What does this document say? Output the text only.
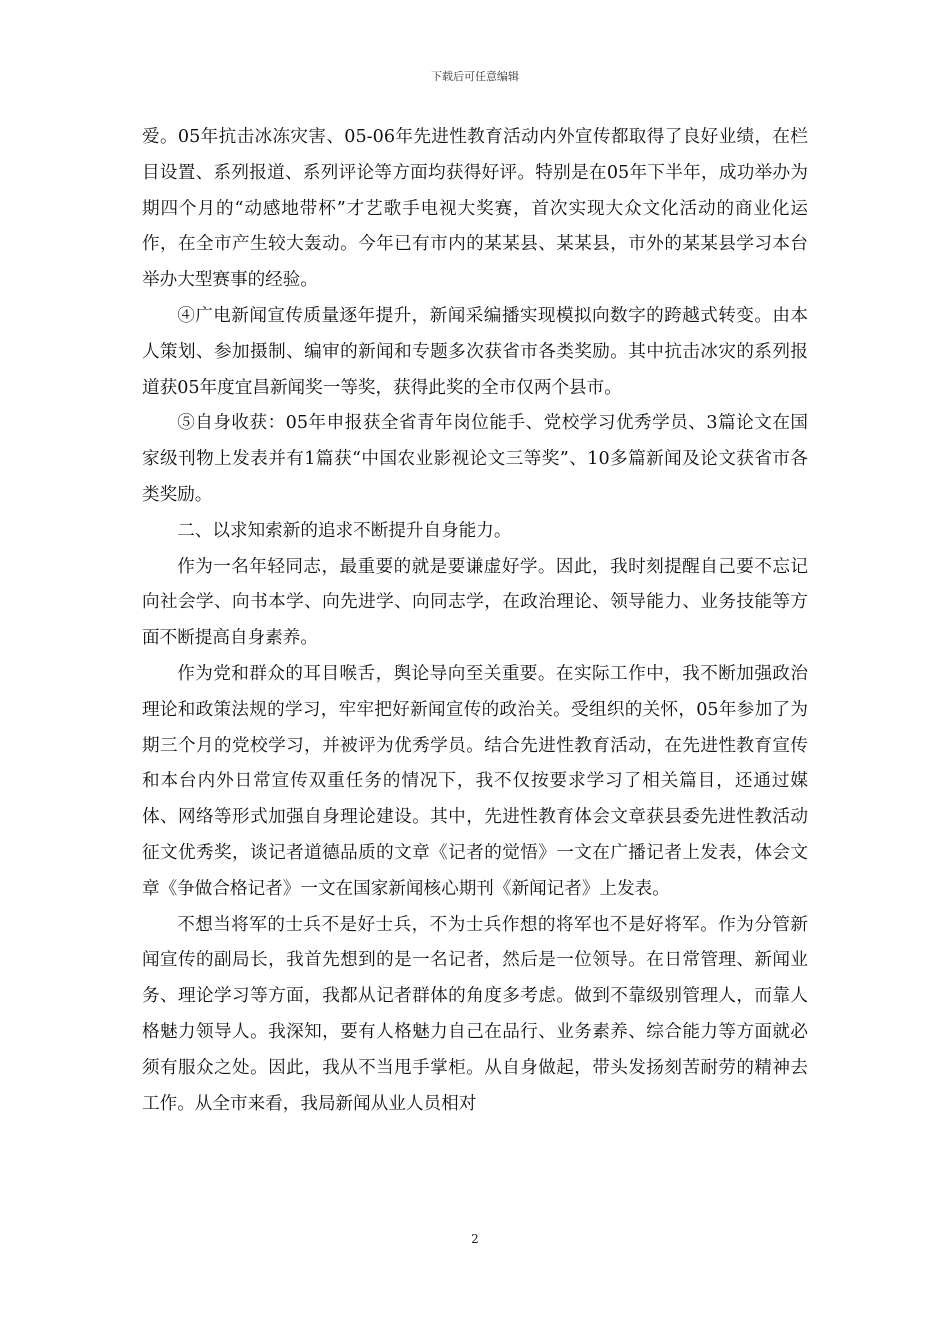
下载后可任意编辑

爱。05年抗击冰冻灾害、05-06年先进性教育活动内外宣传都取得了良好业绩，在栏目设置、系列报道、系列评论等方面均获得好评。特别是在05年下半年，成功举办为期四个月的“动感地带杯”才艺歌手电视大奖赛，首次实现大众文化活动的商业化运作，在全市产生较大轰动。今年已有市内的某某县、某某县，市外的某某县学习本台举办大型赛事的经验。

④广电新闻宣传质量逐年提升，新闻采编播实现模拟向数字的跨越式转变。由本人策划、参加摄制、编审的新闻和专题多次获省市各类奖励。其中抗击冰灾的系列报道获05年度宜昌新闻奖一等奖，获得此奖的全市仅两个县市。

⑤自身收获：05年申报获全省青年岗位能手、党校学习优秀学员、3篇论文在国家级刊物上发表并有1篇获“中国农业影视论文三等奖”、10多篇新闻及论文获省市各类奖励。

二、以求知索新的追求不断提升自身能力。

作为一名年轻同志，最重要的就是要谦虚好学。因此，我时刻提醒自己要不忘记向社会学、向书本学、向先进学、向同志学，在政治理论、领导能力、业务技能等方面不断提高自身素养。

作为党和群众的耳目喉舌，舆论导向至关重要。在实际工作中，我不断加强政治理论和政策法规的学习，牢牢把好新闻宣传的政治关。受组织的关怀，05年参加了为期三个月的党校学习，并被评为优秀学员。结合先进性教育活动，在先进性教育宣传和本台内外日常宣传双重任务的情况下，我不仅按要求学习了相关篇目，还通过媒体、网络等形式加强自身理论建设。其中，先进性教育体会文章获县委先进性教活动征文优秀奖，谈记者道德品质的文章《记者的觉悟》一文在广播记者上发表，体会文章《争做合格记者》一文在国家新闻核心期刊《新闻记者》上发表。

不想当将军的士兵不是好士兵，不为士兵作想的将军也不是好将军。作为分管新闻宣传的副局长，我首先想到的是一名记者，然后是一位领导。在日常管理、新闻业务、理论学习等方面，我都从记者群体的角度多考虑。做到不靠级别管理人，而靠人格魅力领导人。我深知，要有人格魅力自己在品行、业务素养、综合能力等方面就必须有服众之处。因此，我从不当甩手掌柜。从自身做起，带头发扬刻苦耐劳的精神去工作。从全市来看，我局新闻从业人员相对

2
